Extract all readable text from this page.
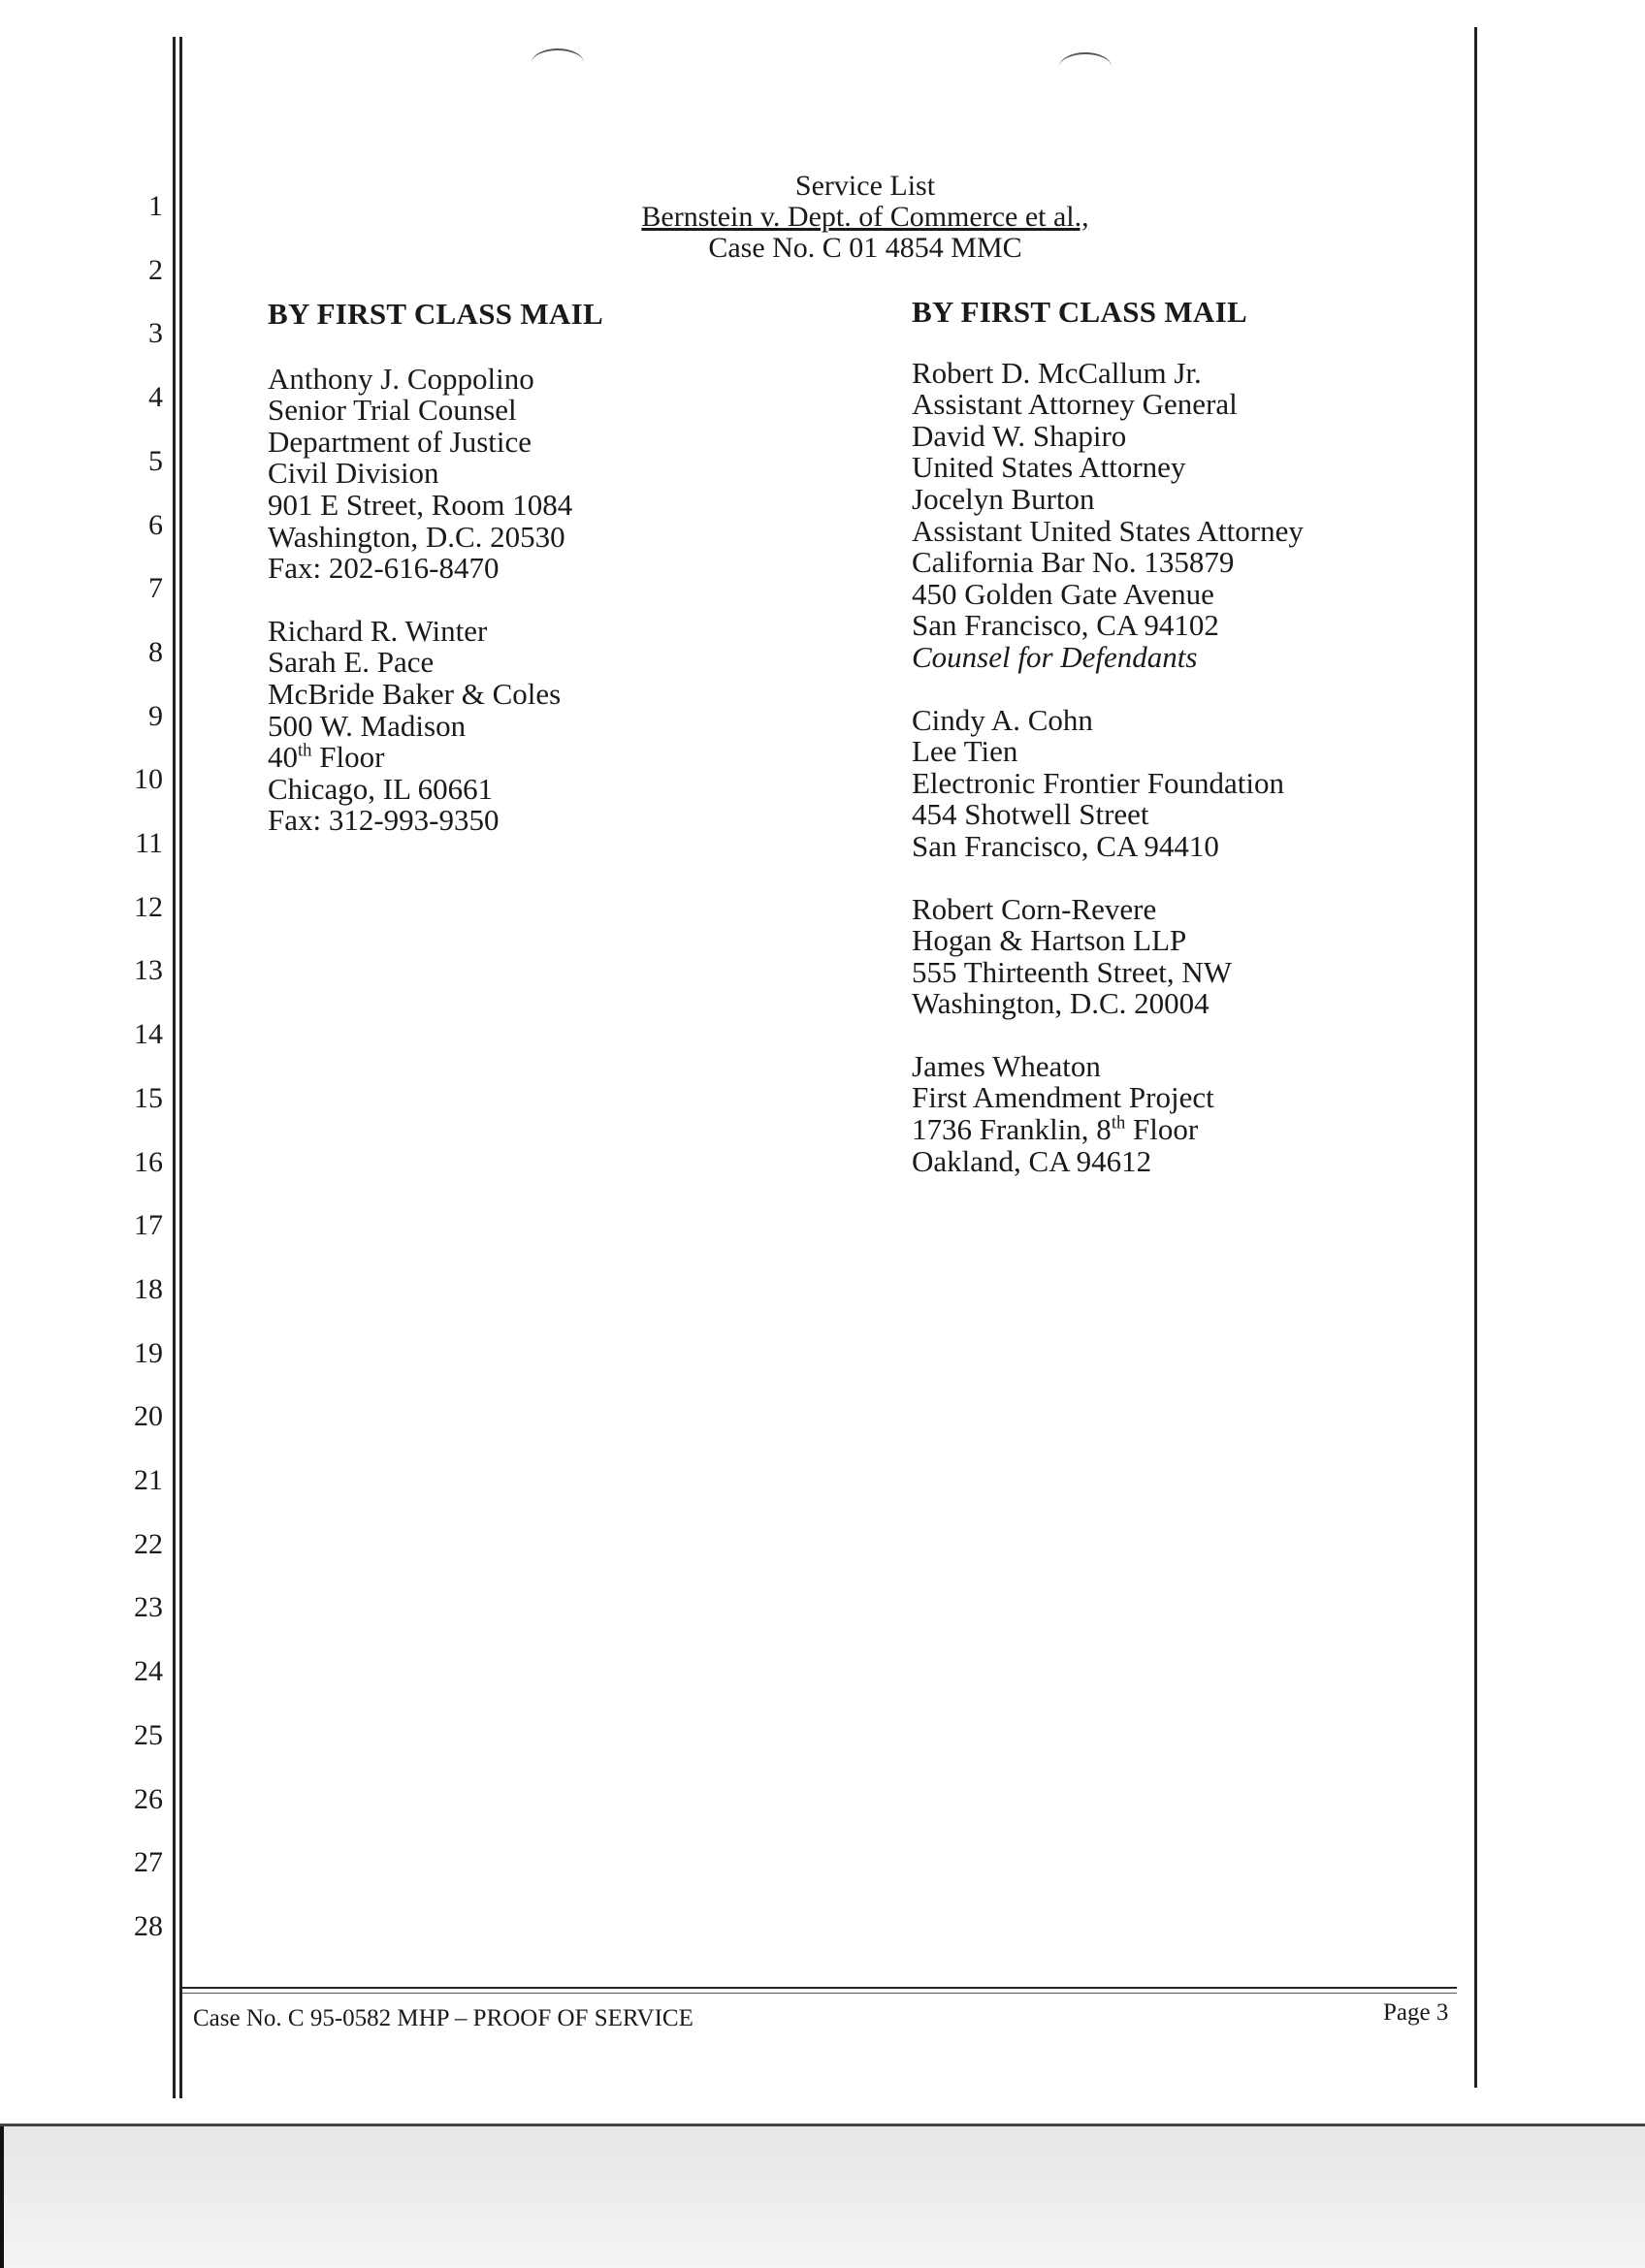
1
2
3
4
5
6
7
8
9
10
11
12
13
14
15
16
17
18
19
20
21
22
23
24
25
26
27
28
Service List
Bernstein v. Dept. of Commerce et al.,
Case No. C 01 4854 MMC
BY FIRST CLASS MAIL
Anthony J. Coppolino
Senior Trial Counsel
Department of Justice
Civil Division
901 E Street, Room 1084
Washington, D.C. 20530
Fax: 202-616-8470
Richard R. Winter
Sarah E. Pace
McBride Baker & Coles
500 W. Madison
40th Floor
Chicago, IL 60661
Fax: 312-993-9350
BY FIRST CLASS MAIL
Robert D. McCallum Jr.
Assistant Attorney General
David W. Shapiro
United States Attorney
Jocelyn Burton
Assistant United States Attorney
California Bar No. 135879
450 Golden Gate Avenue
San Francisco, CA 94102
Counsel for Defendants
Cindy A. Cohn
Lee Tien
Electronic Frontier Foundation
454 Shotwell Street
San Francisco, CA 94410
Robert Corn-Revere
Hogan & Hartson LLP
555 Thirteenth Street, NW
Washington, D.C. 20004
James Wheaton
First Amendment Project
1736 Franklin, 8th Floor
Oakland, CA 94612
Case No. C 95-0582 MHP – PROOF OF SERVICE	Page 3
